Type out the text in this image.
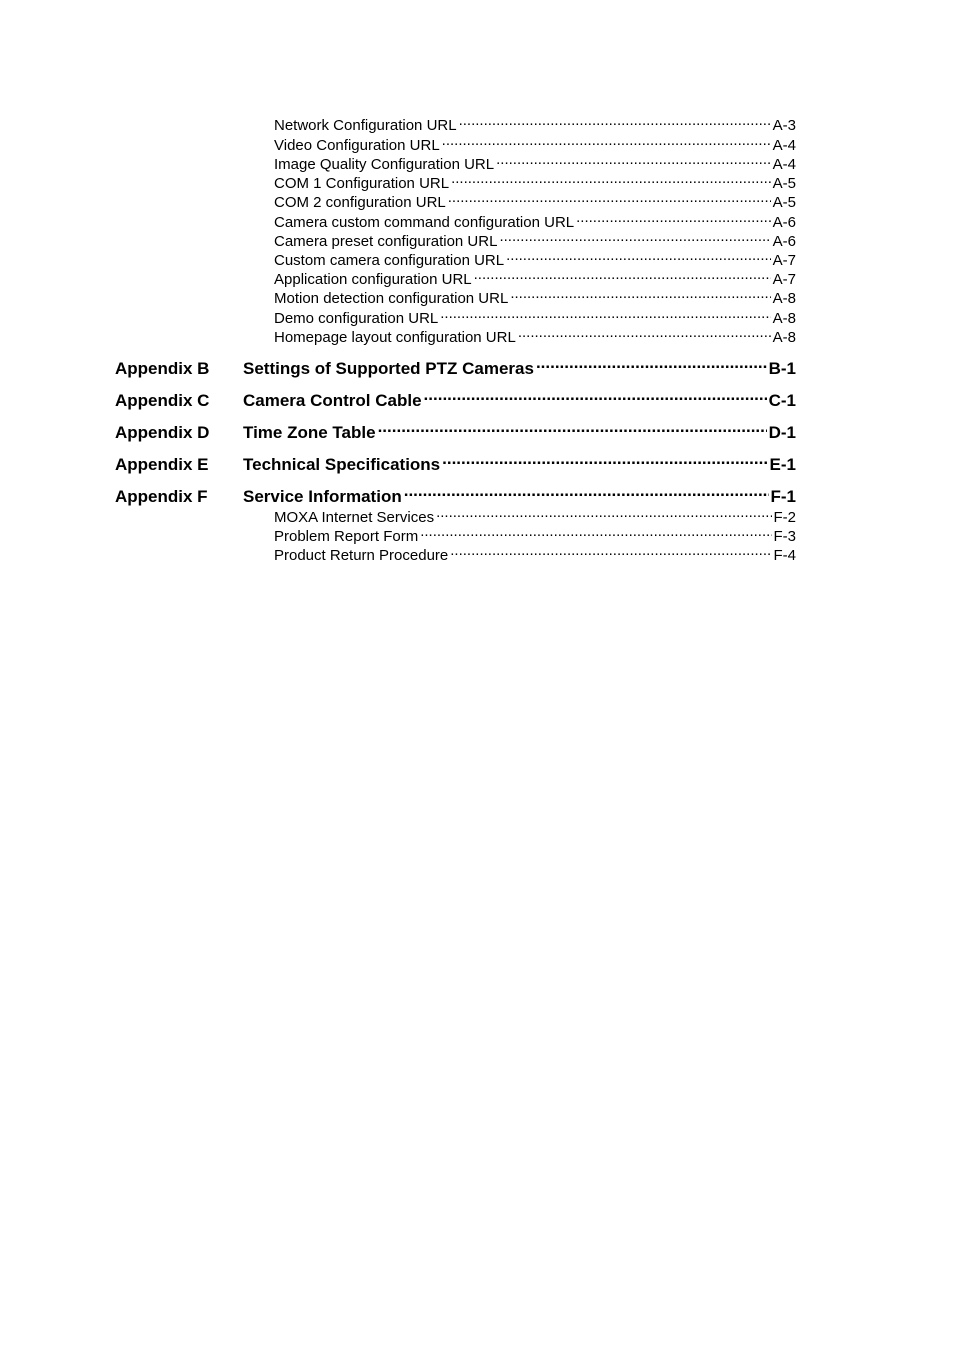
Network Configuration URL .....	A-3
Video Configuration URL .....	A-4
Image Quality Configuration URL .....	A-4
COM 1 Configuration URL .....	A-5
COM 2 configuration URL .....	A-5
Camera custom command configuration URL .....	A-6
Camera preset configuration URL .....	A-6
Custom camera configuration URL .....	A-7
Application configuration URL .....	A-7
Motion detection configuration URL .....	A-8
Demo configuration URL .....	A-8
Homepage layout configuration URL .....	A-8
Appendix B	Settings of Supported PTZ Cameras .....	B-1
Appendix C	Camera Control Cable .....	C-1
Appendix D	Time Zone Table .....	D-1
Appendix E	Technical Specifications .....	E-1
Appendix F	Service Information .....	F-1
MOXA Internet Services .....	F-2
Problem Report Form .....	F-3
Product Return Procedure .....	F-4
